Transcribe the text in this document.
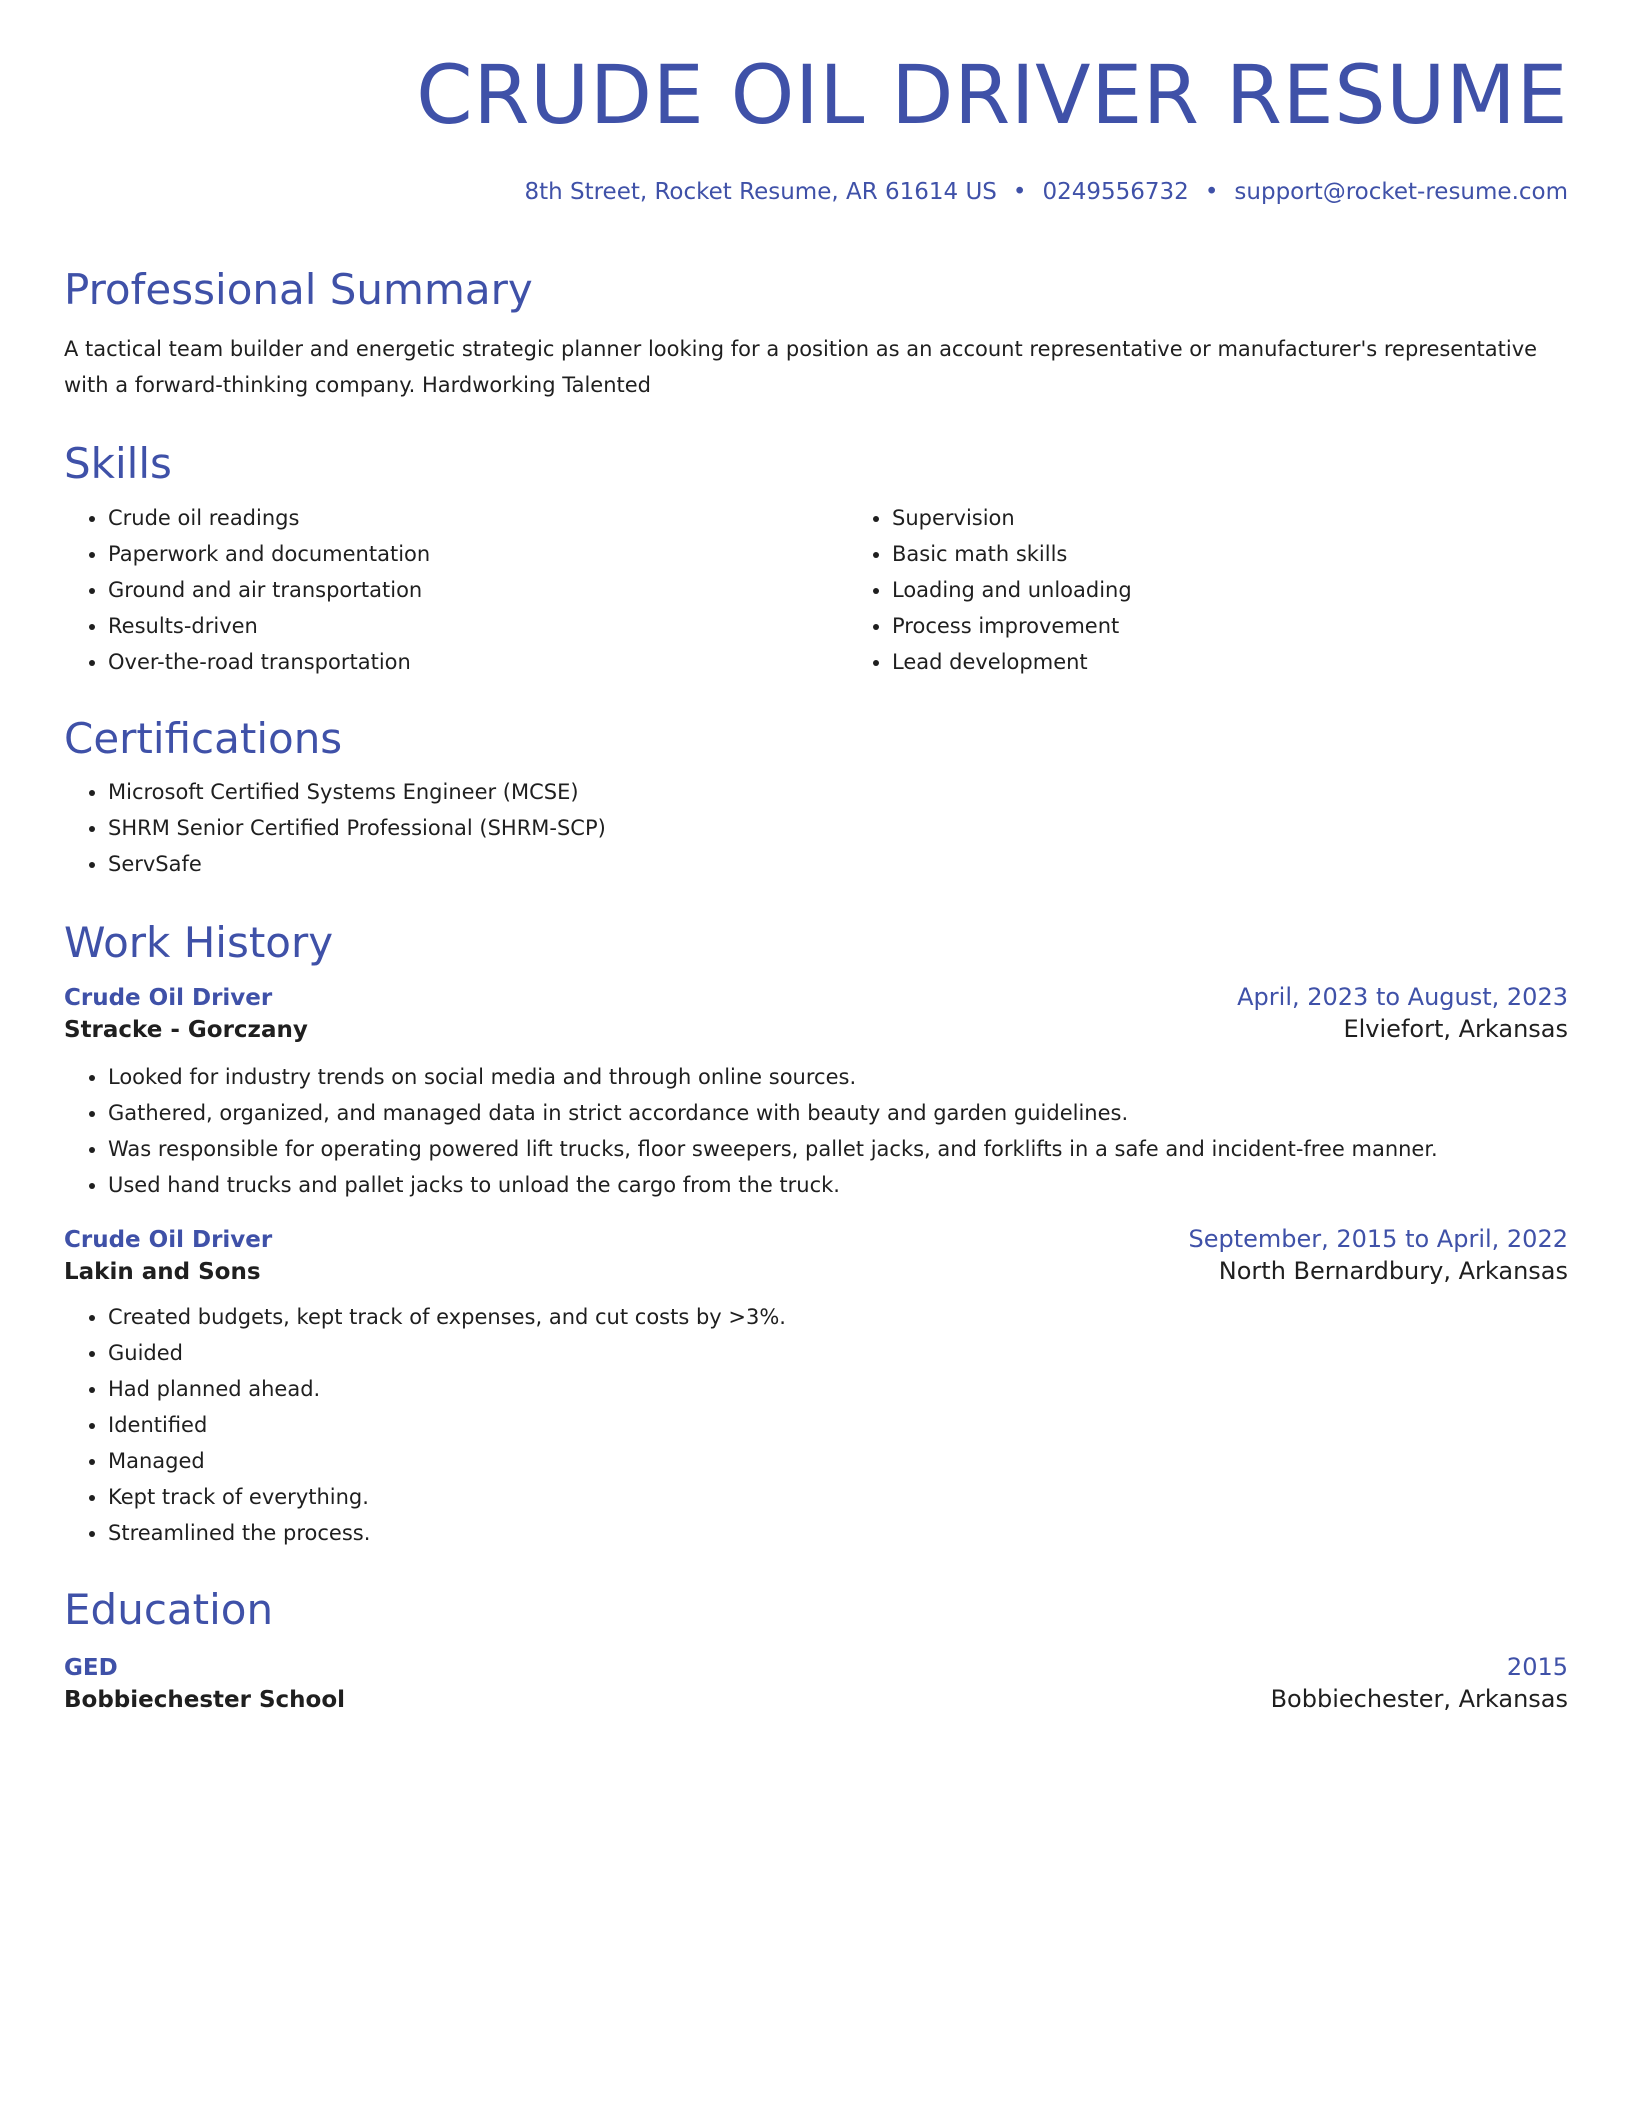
CRUDE OIL DRIVER RESUME
8th Street, Rocket Resume, AR 61614 US • 0249556732 • support@rocket-resume.com
Professional Summary

A tactical team builder and energetic strategic planner looking for a position as an account representative or manufacturer's representative with a forward-thinking company. Hardworking Talented

Skills
• Crude oil readings
• Paperwork and documentation
• Ground and air transportation
• Results-driven
• Over-the-road transportation
• Supervision
• Basic math skills
• Loading and unloading
• Process improvement
• Lead development
Certifications
• Microsoft Certified Systems Engineer (MCSE)
• SHRM Senior Certified Professional (SHRM-SCP)
• ServSafe
Work History
Crude Oil Driver	April, 2023 to August, 2023
Stracke - Gorczany	Elviefort, Arkansas
• Looked for industry trends on social media and through online sources.
• Gathered, organized, and managed data in strict accordance with beauty and garden guidelines.
• Was responsible for operating powered lift trucks, floor sweepers, pallet jacks, and forklifts in a safe and incident-free manner.
• Used hand trucks and pallet jacks to unload the cargo from the truck.
Crude Oil Driver	September, 2015 to April, 2022
Lakin and Sons	North Bernardbury, Arkansas
• Created budgets, kept track of expenses, and cut costs by >3%.
• Guided
• Had planned ahead.
• Identified
• Managed
• Kept track of everything.
• Streamlined the process.
Education
GED	2015
Bobbiechester School	Bobbiechester, Arkansas
